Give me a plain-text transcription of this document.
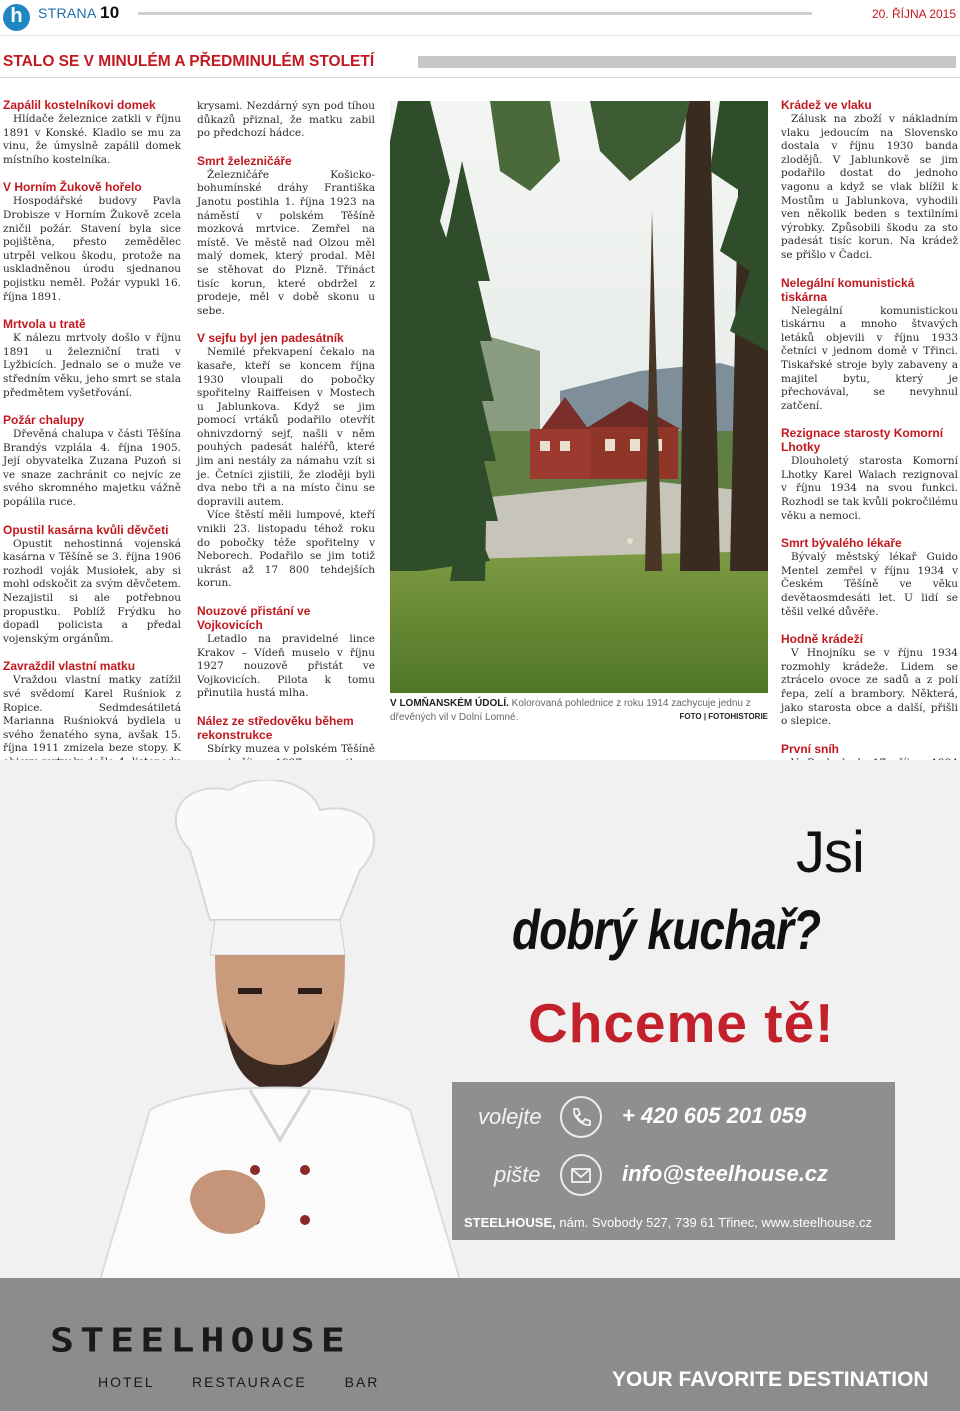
h	STRANA 10	20. ŘÍJNA 2015
STALO SE V MINULÉM A PŘEDMINULÉM STOLETÍ
Zapálil kostelníkovi domek

Hlídače železnice zatkli v říjnu 1891 v Konské. Kladlo se mu za vinu, že úmyslně zapálil domek místního kostelníka.

V Horním Žukově hořelo

Hospodářské budovy Pavla Drobisze v Horním Žukově zcela zničil požár. Stavení byla sice pojištěna, přesto zemědělec utrpěl velkou škodu, protože na uskladněnou úrodu sjednanou pojistku neměl. Požár vypukl 16. října 1891.

Mrtvola u tratě

K nálezu mrtvoly došlo v říjnu 1891 u železniční trati v Lyžbicích. Jednalo se o muže ve středním věku, jeho smrt se stala předmětem vyšetřování.

Požár chalupy

Dřevěná chalupa v části Těšína Brandýs vzplála 4. října 1905. Její obyvatelka Zuzana Puzoń si ve snaze zachránit co nejvíc ze svého skromného majetku vážně popálila ruce.

Opustil kasárna kvůli děvčeti

Opustit nehostinná vojenská kasárna v Těšíně se 3. října 1906 rozhodl voják Musiołek, aby si mohl odskočit za svým děvčetem. Nezajistil si ale potřebnou propustku. Poblíž Frýdku ho dopadl policista a předal vojenským orgánům.

Zavraždil vlastní matku

Vraždou vlastní matky zatížil své svědomí Karel Ruśniok z Ropice. Sedmdesátiletá Marianna Ruśniokvá bydlela u svého ženatého syna, avšak 15. října 1911 zmizela beze stopy. K

krysami. Nezdárný syn pod tíhou důkazů přiznal, že matku zabil po předchozí hádce.

Smrt železničáře

Železničáře Košicko-bohumínské dráhy Františka Janotu postihla 1. října 1923 na náměstí v polském Těšíně mozková mrtvice. Zemřel na místě. Ve městě nad Olzou měl malý domek, který prodal. Měl se stěhovat do Plzně. Třináct tisíc korun, které obdržel z prodeje, měl v době skonu u sebe.

V sejfu byl jen padesátník

Nemilé překvapení čekalo na kasaře, kteří se koncem října 1930 vloupali do pobočky spořitelny Raiffeisen v Mostech u Jablunkova. Když se jim pomocí vrtáků podařilo otevřít ohnivzdorný sejf, našli v něm pouhých padesát haléřů, které jim ani nestály za námahu vzít si je. Četníci zjistili, že zloději byli dva nebo tři a na místo činu se dopravili autem.

Více štěstí měli lumpové, kteří vnikli 23. listopadu téhož roku do pobočky téže spořitelny v Neborech. Podařilo se jim totiž ukrást až 17 800 tehdejších korun.

Nouzové přistání ve Vojkovicích

Letadlo na pravidelné lince Krakov – Vídeň muselo v říjnu 1927 nouzově přistát ve Vojkovicích. Pilota k tomu přinutila hustá mlha.

Nález ze středověku během rekonstrukce

Sbírky muzea v polském Těšíně

V LOMŇANSKÉM ÚDOLÍ. Kolorovaná pohlednice z roku 1914 zachycuje jednu z dřevěných vil v Dolní Lomné.	FOTO | FOTOHISTORIE
Krádež ve vlaku

Zálusk na zboží v nákladním vlaku jedoucím na Slovensko dostala v říjnu 1930 banda zlodějů. V Jablunkově se jim podařilo dostat do jednoho vagonu a když se vlak blížil k Mostům u Jablunkova, vyhodili ven několik beden s textilními výrobky. Způsobili škodu za sto padesát tisíc korun. Na krádež se přišlo v Čadci.

Nelegální komunistická tiskárna

Nelegální komunistickou tiskárnu a mnoho štvavých letáků objevili v říjnu 1933 četníci v jednom domě v Třinci. Tiskařské stroje byly zabaveny a majitel bytu, který je přechovával, se nevyhnul zatčení.

Rezignace starosty Komorní Lhotky

Dlouholetý starosta Komorní Lhotky Karel Walach rezignoval v říjnu 1934 na svou funkci. Rozhodl se tak kvůli pokročilému věku a nemoci.

Smrt bývalého lékaře

Bývalý městský lékař Guido Mentel zemřel v říjnu 1934 v Českém Těšíně ve věku devětaosmdesáti let. U lidí se těšil velké důvěře.

Hodně krádeží

V Hnojníku se v říjnu 1934 rozmohly krádeže. Lidem se ztrácelo ovoce ze sadů a z polí řepa, zelí a brambory. Některá, jako starosta obce a další, přišli o slepice.

První sníh

Jsi
dobrý kuchař?
Chceme tě!
volejte	+ 420 605 201 059
pište	info@steelhouse.cz
STEELHOUSE, nám. Svobody 527, 739 61 Třinec, www.steelhouse.cz
STEELHOUSE
HOTEL RESTAURACE BAR	YOUR FAVORITE DESTINATION
